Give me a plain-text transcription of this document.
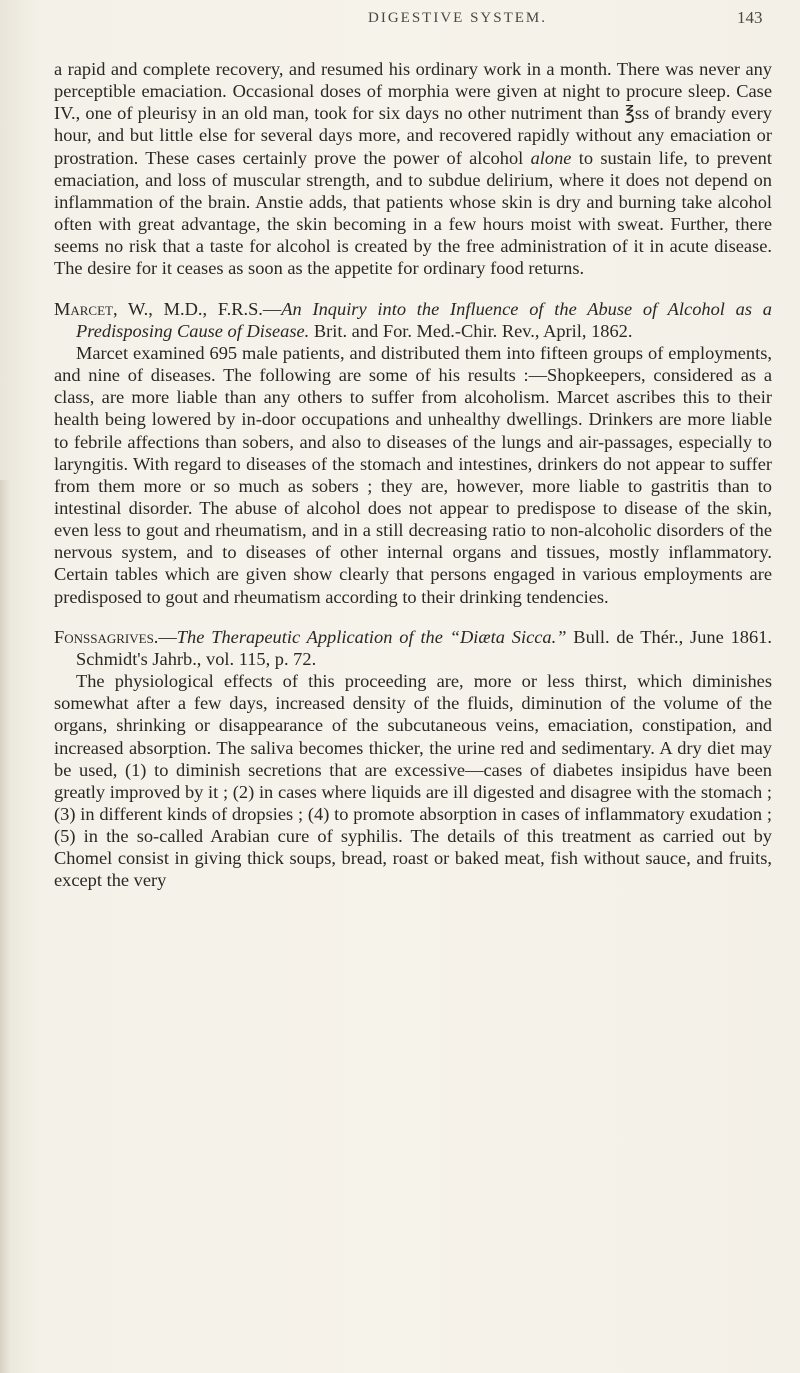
DIGESTIVE SYSTEM.	143

a rapid and complete recovery, and resumed his ordinary work in a month. There was never any perceptible emaciation. Occasional doses of morphia were given at night to procure sleep. Case IV., one of pleurisy in an old man, took for six days no other nutriment than ℥ss of brandy every hour, and but little else for several days more, and recovered rapidly without any emaciation or prostration. These cases certainly prove the power of alcohol alone to sustain life, to prevent emaciation, and loss of muscular strength, and to subdue delirium, where it does not depend on inflammation of the brain. Anstie adds, that patients whose skin is dry and burning take alcohol often with great advantage, the skin becoming in a few hours moist with sweat. Further, there seems no risk that a taste for alcohol is created by the free administration of it in acute disease. The desire for it ceases as soon as the appetite for ordinary food returns.

Marcet, W., M.D., F.R.S.—An Inquiry into the Influence of the Abuse of Alcohol as a Predisposing Cause of Disease. Brit. and For. Med.-Chir. Rev., April, 1862.

Marcet examined 695 male patients, and distributed them into fifteen groups of employments, and nine of diseases. The following are some of his results :—Shopkeepers, considered as a class, are more liable than any others to suffer from alcoholism. Marcet ascribes this to their health being lowered by in-door occupations and unhealthy dwellings. Drinkers are more liable to febrile affections than sobers, and also to diseases of the lungs and air-passages, especially to laryngitis. With regard to diseases of the stomach and intestines, drinkers do not appear to suffer from them more or so much as sobers ; they are, however, more liable to gastritis than to intestinal disorder. The abuse of alcohol does not appear to predispose to disease of the skin, even less to gout and rheumatism, and in a still decreasing ratio to non-alcoholic disorders of the nervous system, and to diseases of other internal organs and tissues, mostly inflammatory. Certain tables which are given show clearly that persons engaged in various employments are predisposed to gout and rheumatism according to their drinking tendencies.

Fonssagrives.—The Therapeutic Application of the “Diæta Sicca.” Bull. de Thér., June 1861. Schmidt's Jahrb., vol. 115, p. 72.

The physiological effects of this proceeding are, more or less thirst, which diminishes somewhat after a few days, increased density of the fluids, diminution of the volume of the organs, shrinking or disappearance of the subcutaneous veins, emaciation, constipation, and increased absorption. The saliva becomes thicker, the urine red and sedimentary. A dry diet may be used, (1) to diminish secretions that are excessive—cases of diabetes insipidus have been greatly improved by it ; (2) in cases where liquids are ill digested and disagree with the stomach ; (3) in different kinds of dropsies ; (4) to promote absorption in cases of inflammatory exudation ; (5) in the so-called Arabian cure of syphilis. The details of this treatment as carried out by Chomel consist in giving thick soups, bread, roast or baked meat, fish without sauce, and fruits, except the very
